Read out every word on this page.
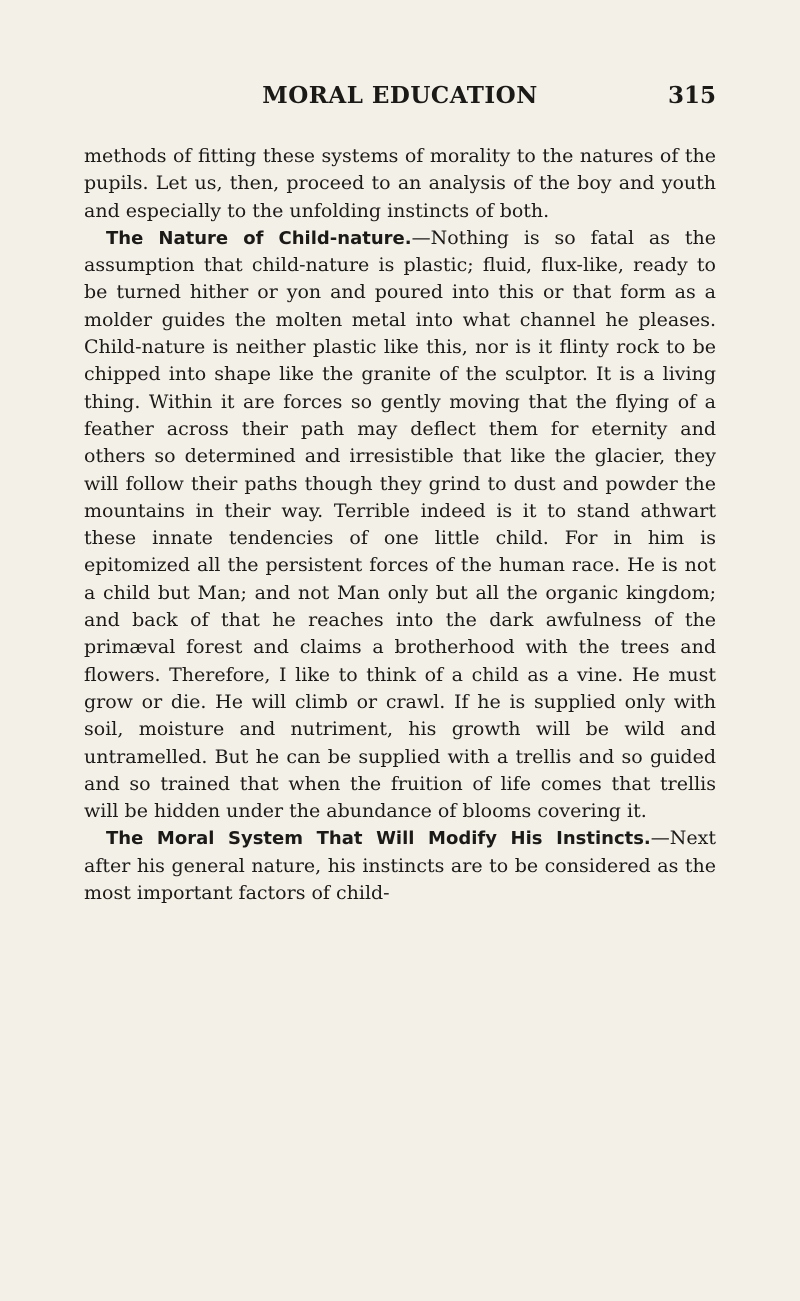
MORAL EDUCATION	315

methods of fitting these systems of morality to the natures of the pupils. Let us, then, proceed to an analysis of the boy and youth and especially to the unfolding instincts of both.

The Nature of Child-nature.—Nothing is so fatal as the assumption that child-nature is plastic; fluid, flux-like, ready to be turned hither or yon and poured into this or that form as a molder guides the molten metal into what channel he pleases. Child-nature is neither plastic like this, nor is it flinty rock to be chipped into shape like the granite of the sculptor. It is a living thing. Within it are forces so gently moving that the flying of a feather across their path may deflect them for eternity and others so determined and irresistible that like the glacier, they will follow their paths though they grind to dust and powder the mountains in their way. Terrible indeed is it to stand athwart these innate tendencies of one little child. For in him is epitomized all the persistent forces of the human race. He is not a child but Man; and not Man only but all the organic kingdom; and back of that he reaches into the dark awfulness of the primæval forest and claims a brotherhood with the trees and flowers. Therefore, I like to think of a child as a vine. He must grow or die. He will climb or crawl. If he is supplied only with soil, moisture and nutriment, his growth will be wild and untramelled. But he can be supplied with a trellis and so guided and so trained that when the fruition of life comes that trellis will be hidden under the abundance of blooms covering it.

The Moral System That Will Modify His Instincts.—Next after his general nature, his instincts are to be considered as the most important factors of child-
